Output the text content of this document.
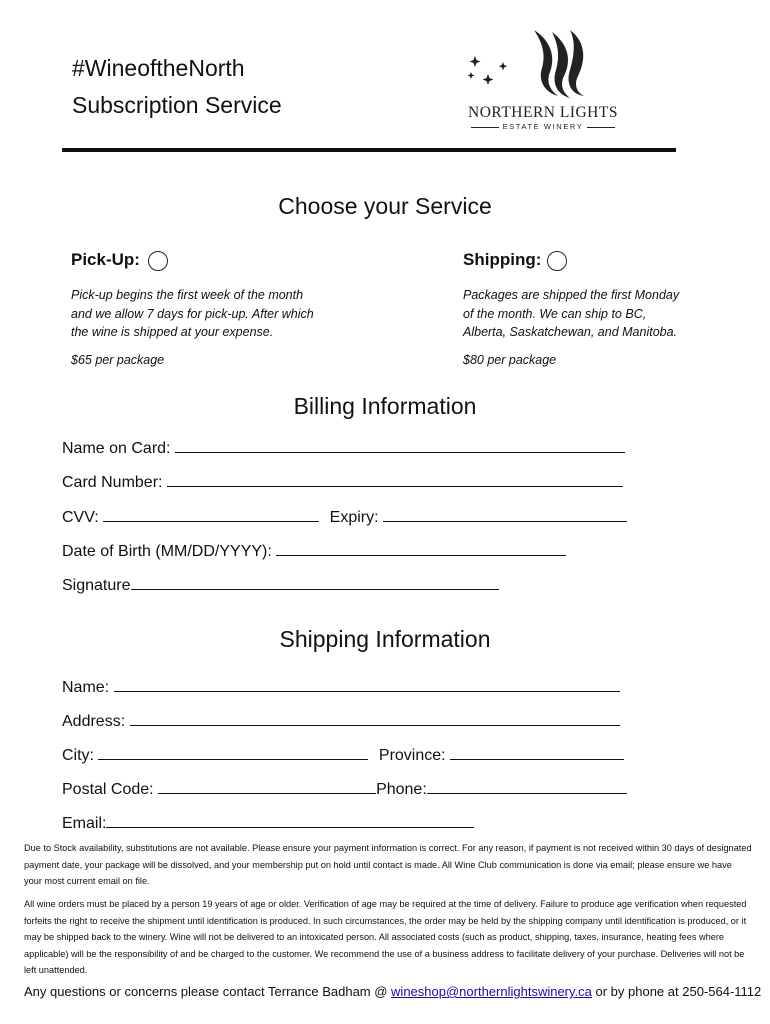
#WineoftheNorth
Subscription Service	NORTHERN LIGHTS
ESTATE WINERY
Choose your Service
Pick-Up:
Pick-up begins the first week of the month
and we allow 7 days for pick-up. After which
the wine is shipped at your expense.
$65 per package
Shipping:
Packages are shipped the first Monday
of the month. We can ship to BC,
Alberta, Saskatchewan, and Manitoba.
$80 per package
Billing Information
Name on Card:
Card Number:
CVV:	Expiry:
Date of Birth (MM/DD/YYYY):
Signature
Shipping Information
Name:
Address:
City:	Province:
Postal Code:	Phone:
Email:
Due to Stock availability, substitutions are not available. Please ensure your payment information is correct. For any reason, if payment is not received within 30 days of designated payment date, your package will be dissolved, and your membership put on hold until contact is made. All Wine Club communication is done via email; please ensure we have your most current email on file.
All wine orders must be placed by a person 19 years of age or older. Verification of age may be required at the time of delivery. Failure to produce age verification when requested forfeits the right to receive the shipment until identification is produced. In such circumstances, the order may be held by the shipping company until identification is produced, or it may be shipped back to the winery. Wine will not be delivered to an intoxicated person. All associated costs (such as product, shipping, taxes, insurance, heating fees where applicable) will be the responsibility of and be charged to the customer. We recommend the use of a business address to facilitate delivery of your purchase. Deliveries will not be left unattended.
Any questions or concerns please contact Terrance Badham @ wineshop@northernlightswinery.ca or by phone at 250-564-1112
